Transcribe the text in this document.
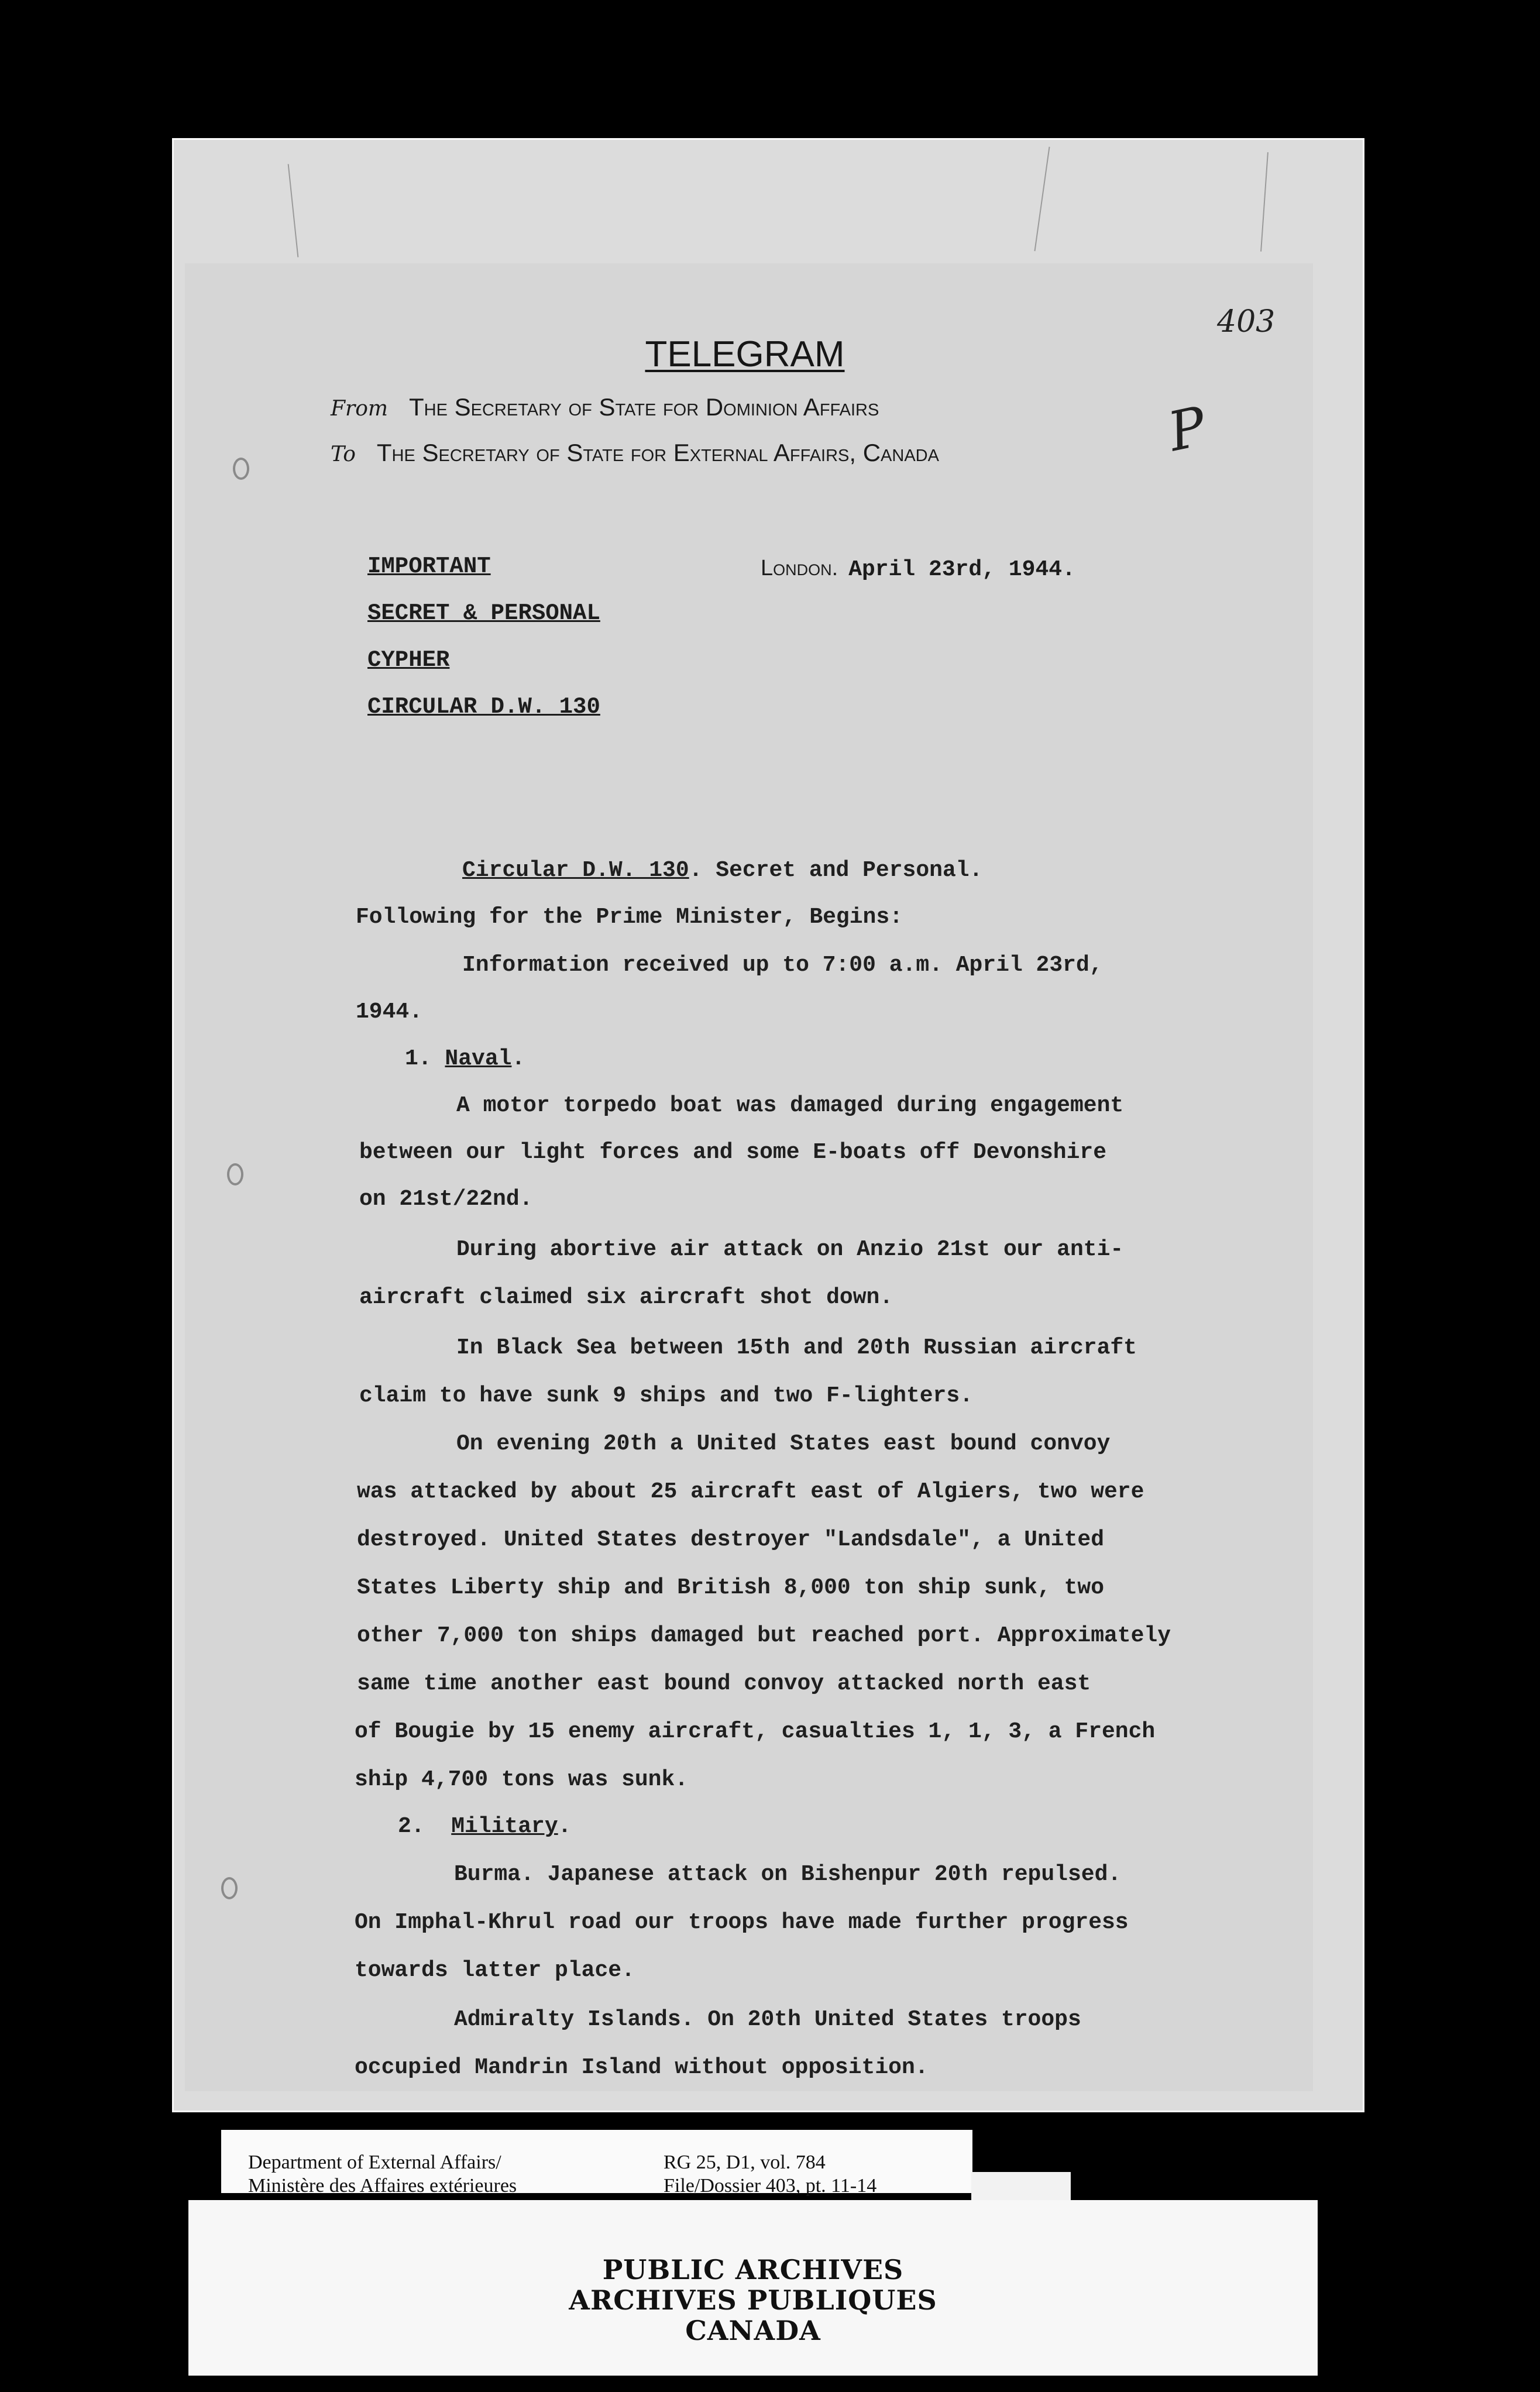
403
P
TELEGRAM
From The Secretary of State for Dominion Affairs
To The Secretary of State for External Affairs, Canada
IMPORTANT
SECRET & PERSONAL
CYPHER
CIRCULAR D.W. 130
London. April 23rd, 1944.
Circular D.W. 130. Secret and Personal.
Following for the Prime Minister, Begins:
Information received up to 7:00 a.m. April 23rd,
1944.
1. Naval.
A motor torpedo boat was damaged during engagement
between our light forces and some E-boats off Devonshire
on 21st/22nd.
During abortive air attack on Anzio 21st our anti-
aircraft claimed six aircraft shot down.
In Black Sea between 15th and 20th Russian aircraft
claim to have sunk 9 ships and two F-lighters.
On evening 20th a United States east bound convoy
was attacked by about 25 aircraft east of Algiers, two were
destroyed. United States destroyer "Landsdale", a United
States Liberty ship and British 8,000 ton ship sunk, two
other 7,000 ton ships damaged but reached port. Approximately
same time another east bound convoy attacked north east
of Bougie by 15 enemy aircraft, casualties 1, 1, 3, a French
ship 4,700 tons was sunk.
2. Military.
Burma. Japanese attack on Bishenpur 20th repulsed.
On Imphal-Khrul road our troops have made further progress
towards latter place.
Admiralty Islands. On 20th United States troops
occupied Mandrin Island without opposition.
Department of External Affairs/
Ministère des Affaires extérieures
RG 25, D1, vol. 784
File/Dossier 403, pt. 11-14
PUBLIC ARCHIVES
ARCHIVES PUBLIQUES
CANADA
